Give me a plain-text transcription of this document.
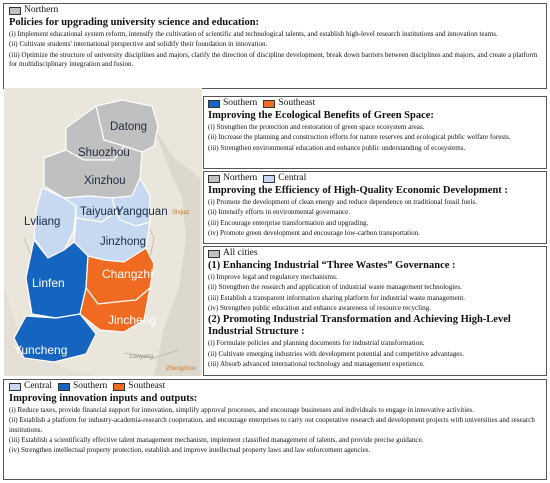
Northern
Policies for upgrading university science and education:

(i) Implement educational system reform, intensify the cultivation of scientific and technological talents, and establish high-level research institutions and innovation teams.

(ii) Cultivate students' international perspective and solidify their foundation in innovation.

(iii) Optimize the structure of university disciplines and majors, clarify the direction of discipline development, break down barriers between disciplines and majors, and create a platform for multidisciplinary integration and fusion.

Datong
Shuozhou
Xinzhou
Taiyuan
Yangquan
Lvliang
Jinzhong
Changzhi
Linfen
Jincheng
Yuncheng
Shijiaz
Luoyang
Zhengzhou
Southern Southeast
Improving the Ecological Benefits of Green Space:

(i) Strengthen the protection and restoration of green space ecosystem areas.

(ii) Increase the planning and construction efforts for nature reserves and ecological public welfare forests.

(iii) Strengthen environmental education and enhance public understanding of ecosystems.

Northern Central
Improving the Efficiency of High-Quality Economic Development :

(i) Promote the development of clean energy and reduce dependence on traditional fossil fuels.

(ii) Intensify efforts in environmental governance.

(iii) Encourage enterprise transformation and upgrading.

(iv) Promote green development and encourage low-carbon transportation.

All cities
(1) Enhancing Industrial “Three Wastes” Governance :

(i) Improve legal and regulatory mechanisms.

(ii) Strengthen the research and application of industrial waste management technologies.

(iii) Establish a transparent information sharing platform for industrial waste management.

(iv) Strengthen public education and enhance awareness of resource recycling.

(2) Promoting Industrial Transformation and Achieving High-Level Industrial Structure :

(i) Formulate policies and planning documents for industrial transformation.

(ii) Cultivate emerging industries with development potential and competitive advantages.

(iii) Absorb advanced international technology and management experience.

Central Southern Southeast
Improving innovation inputs and outputs:

(i) Reduce taxes, provide financial support for innovation, simplify approval processes, and encourage businesses and individuals to engage in innovative activities.

(ii) Establish a platform for industry-academia-research cooperation, and encourage enterprises to carry out cooperative research and development projects with universities and research institutions.

(iii) Establish a scientifically effective talent management mechanism, implement classified management of talents, and provide precise guidance.

(iv) Strengthen intellectual property protection, establish and improve intellectual property laws and law enforcement agencies.
